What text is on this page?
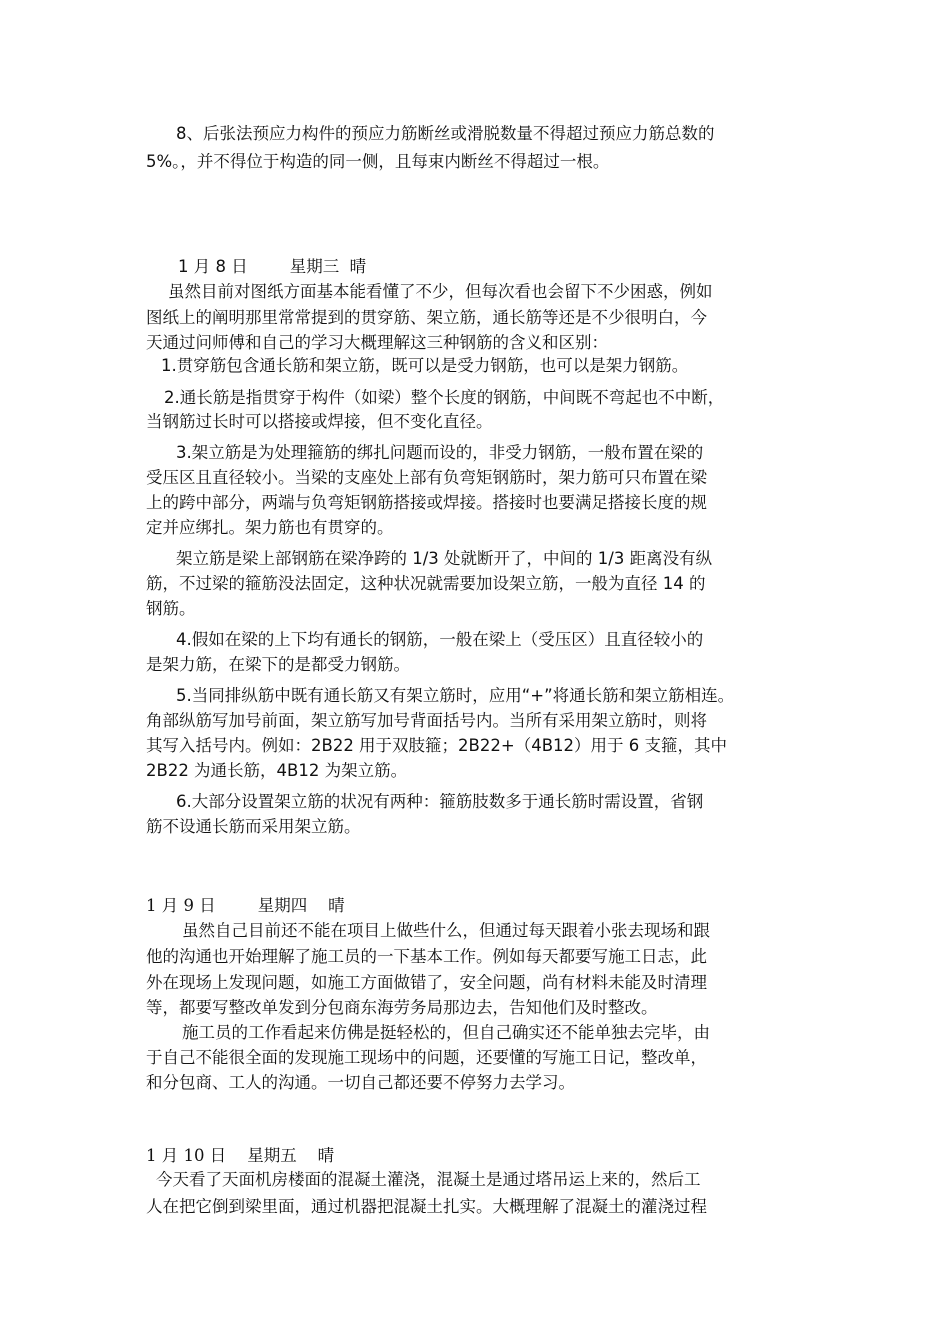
8、后张法预应力构件的预应力筋断丝或滑脱数量不得超过预应力筋总数的
5%。，并不得位于构造的同一侧，且每束内断丝不得超过一根。
1 月 8 日        星期三  晴
虽然目前对图纸方面基本能看懂了不少，但每次看也会留下不少困惑，例如
图纸上的阐明那里常常提到的贯穿筋、架立筋，通长筋等还是不少很明白，今
天通过问师傅和自己的学习大概理解这三种钢筋的含义和区别：
1.贯穿筋包含通长筋和架立筋，既可以是受力钢筋，也可以是架力钢筋。
2.通长筋是指贯穿于构件（如梁）整个长度的钢筋，中间既不弯起也不中断，
当钢筋过长时可以搭接或焊接，但不变化直径。
3.架立筋是为处理箍筋的绑扎问题而设的，非受力钢筋，一般布置在梁的
受压区且直径较小。当梁的支座处上部有负弯矩钢筋时，架力筋可只布置在梁
上的跨中部分，两端与负弯矩钢筋搭接或焊接。搭接时也要满足搭接长度的规
定并应绑扎。架力筋也有贯穿的。
架立筋是梁上部钢筋在梁净跨的 1/3 处就断开了，中间的 1/3 距离没有纵
筋，不过梁的箍筋没法固定，这种状况就需要加设架立筋，一般为直径 14 的
钢筋。
4.假如在梁的上下均有通长的钢筋，一般在梁上（受压区）且直径较小的
是架力筋，在梁下的是都受力钢筋。
5.当同排纵筋中既有通长筋又有架立筋时，应用“+”将通长筋和架立筋相连。
角部纵筋写加号前面，架立筋写加号背面括号内。当所有采用架立筋时，则将
其写入括号内。例如：2B22 用于双肢箍；2B22+（4B12）用于 6 支箍，其中
2B22 为通长筋，4B12 为架立筋。
6.大部分设置架立筋的状况有两种：箍筋肢数多于通长筋时需设置，省钢
筋不设通长筋而采用架立筋。
1 月 9 日        星期四    晴
虽然自己目前还不能在项目上做些什么，但通过每天跟着小张去现场和跟
他的沟通也开始理解了施工员的一下基本工作。例如每天都要写施工日志，此
外在现场上发现问题，如施工方面做错了，安全问题，尚有材料未能及时清理
等，都要写整改单发到分包商东海劳务局那边去，告知他们及时整改。
施工员的工作看起来仿佛是挺轻松的，但自己确实还不能单独去完毕，由
于自己不能很全面的发现施工现场中的问题，还要懂的写施工日记，整改单，
和分包商、工人的沟通。一切自己都还要不停努力去学习。
1 月 10 日    星期五    晴
今天看了天面机房楼面的混凝土灌浇，混凝土是通过塔吊运上来的，然后工
人在把它倒到梁里面，通过机器把混凝土扎实。大概理解了混凝土的灌浇过程
